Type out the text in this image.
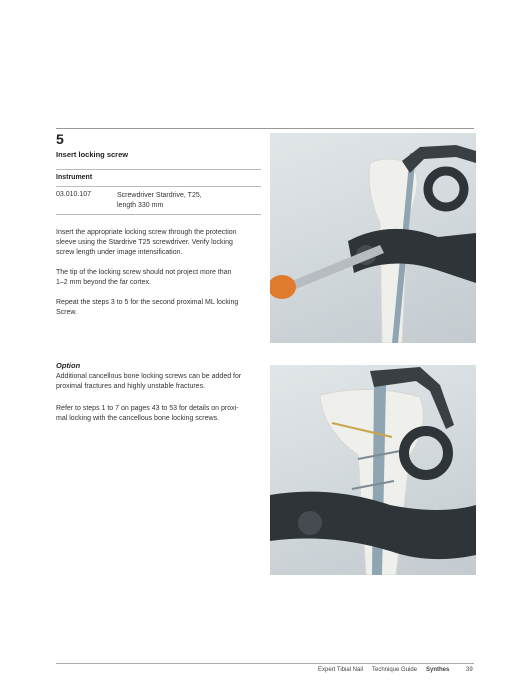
5
Insert locking screw
Instrument
03.010.107	Screwdriver Stardrive, T25,
length 330 mm
Insert the appropriate locking screw through the protection
sleeve using the Stardrive T25 screwdriver. Verify locking
screw length under image intensification.
The tip of the locking screw should not project more than
1–2 mm beyond the far cortex.
Repeat the steps 3 to 5 for the second proximal ML locking
Screw.
Option
Additional cancellous bone locking screws can be added for
proximal fractures and highly unstable fractures.
Refer to steps 1 to 7 on pages 43 to 53 for details on proxi-
mal locking with the cancellous bone locking screws.
Expert Tibial Nail Technique Guide Synthes	39
